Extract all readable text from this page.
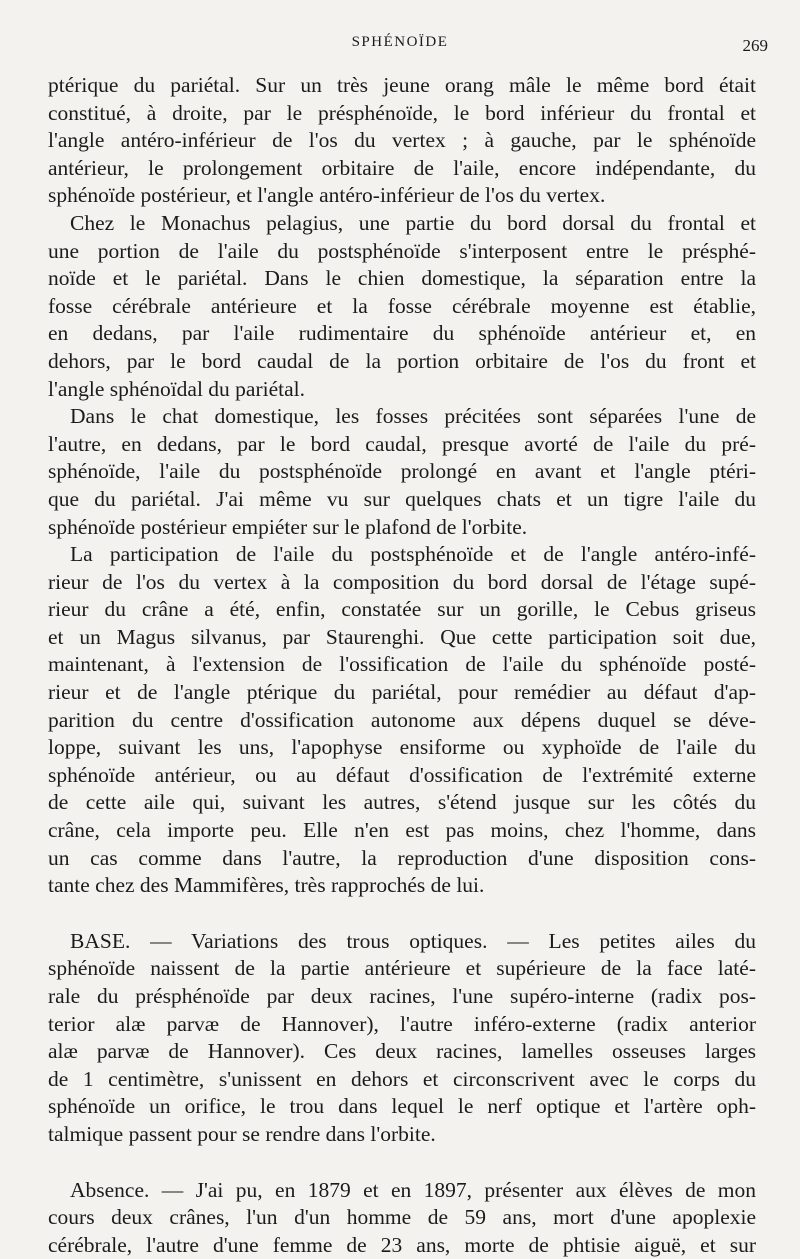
SPHÉNOÏDE	269

ptérique du pariétal. Sur un très jeune orang mâle le même bord était
constitué, à droite, par le présphénoïde, le bord inférieur du frontal et
l'angle antéro-inférieur de l'os du vertex ; à gauche, par le sphénoïde
antérieur, le prolongement orbitaire de l'aile, encore indépendante, du
sphénoïde postérieur, et l'angle antéro-inférieur de l'os du vertex.

Chez le Monachus pelagius, une partie du bord dorsal du frontal et
une portion de l'aile du postsphénoïde s'interposent entre le présphé-
noïde et le pariétal. Dans le chien domestique, la séparation entre la
fosse cérébrale antérieure et la fosse cérébrale moyenne est établie,
en dedans, par l'aile rudimentaire du sphénoïde antérieur et, en
dehors, par le bord caudal de la portion orbitaire de l'os du front et
l'angle sphénoïdal du pariétal.

Dans le chat domestique, les fosses précitées sont séparées l'une de
l'autre, en dedans, par le bord caudal, presque avorté de l'aile du pré-
sphénoïde, l'aile du postsphénoïde prolongé en avant et l'angle ptéri-
que du pariétal. J'ai même vu sur quelques chats et un tigre l'aile du
sphénoïde postérieur empiéter sur le plafond de l'orbite.

La participation de l'aile du postsphénoïde et de l'angle antéro-infé-
rieur de l'os du vertex à la composition du bord dorsal de l'étage supé-
rieur du crâne a été, enfin, constatée sur un gorille, le Cebus griseus
et un Magus silvanus, par Staurenghi. Que cette participation soit due,
maintenant, à l'extension de l'ossification de l'aile du sphénoïde posté-
rieur et de l'angle ptérique du pariétal, pour remédier au défaut d'ap-
parition du centre d'ossification autonome aux dépens duquel se déve-
loppe, suivant les uns, l'apophyse ensiforme ou xyphoïde de l'aile du
sphénoïde antérieur, ou au défaut d'ossification de l'extrémité externe
de cette aile qui, suivant les autres, s'étend jusque sur les côtés du
crâne, cela importe peu. Elle n'en est pas moins, chez l'homme, dans
un cas comme dans l'autre, la reproduction d'une disposition cons-
tante chez des Mammifères, très rapprochés de lui.

BASE. — Variations des trous optiques. — Les petites ailes du
sphénoïde naissent de la partie antérieure et supérieure de la face laté-
rale du présphénoïde par deux racines, l'une supéro-interne (radix pos-
terior alæ parvæ de Hannover), l'autre inféro-externe (radix anterior
alæ parvæ de Hannover). Ces deux racines, lamelles osseuses larges
de 1 centimètre, s'unissent en dehors et circonscrivent avec le corps du
sphénoïde un orifice, le trou dans lequel le nerf optique et l'artère oph-
talmique passent pour se rendre dans l'orbite.

Absence. — J'ai pu, en 1879 et en 1897, présenter aux élèves de mon
cours deux crânes, l'un d'un homme de 59 ans, mort d'une apoplexie
cérébrale, l'autre d'une femme de 23 ans, morte de phtisie aiguë, et sur
